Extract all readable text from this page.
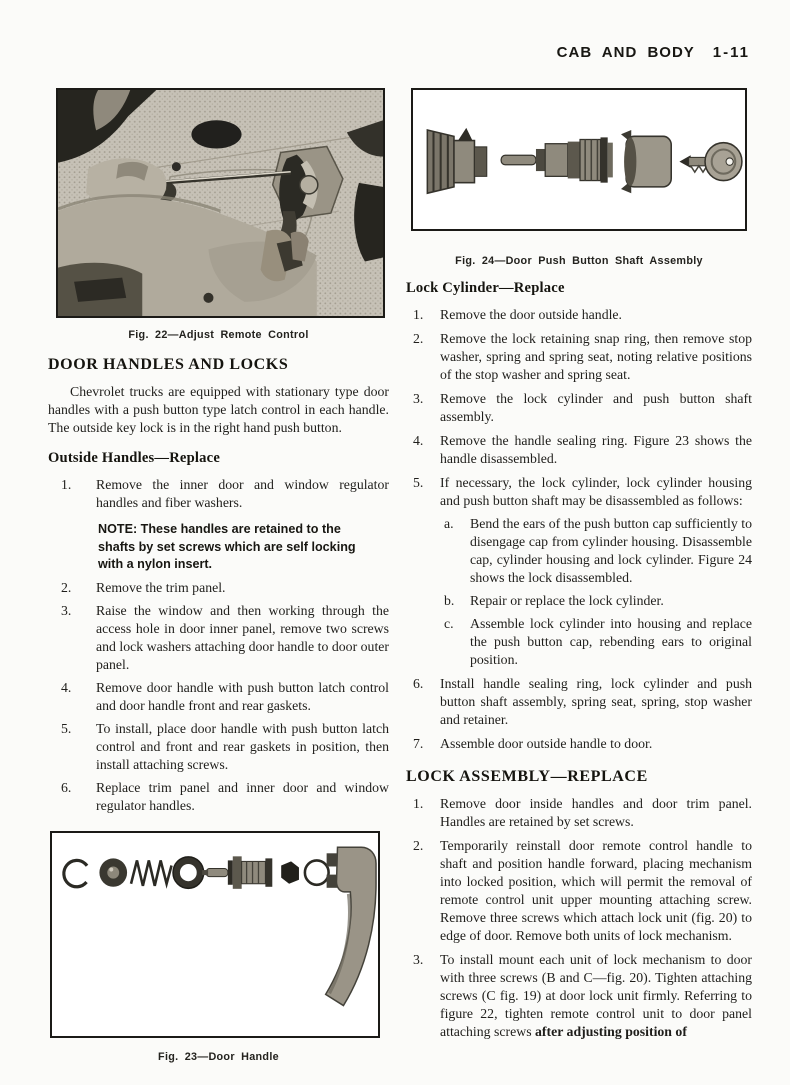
CAB AND BODY 1-11
Fig. 22—Adjust Remote Control
DOOR HANDLES AND LOCKS

Chevrolet trucks are equipped with stationary type door handles with a push button type latch control in each handle. The outside key lock is in the right hand push button.

Outside Handles—Replace
Remove the inner door and window regulator handles and fiber washers.
NOTE: These handles are retained to the shafts by set screws which are self locking with a nylon insert.
Remove the trim panel.
Raise the window and then working through the access hole in door inner panel, remove two screws and lock washers attaching door handle to door outer panel.
Remove door handle with push button latch control and door handle front and rear gaskets.
To install, place door handle with push button latch control and front and rear gaskets in position, then install attaching screws.
Replace trim panel and inner door and window regulator handles.
Fig. 23—Door Handle
Fig. 24—Door Push Button Shaft Assembly
Lock Cylinder—Replace
Remove the door outside handle.
Remove the lock retaining snap ring, then remove stop washer, spring and spring seat, noting relative positions of the stop washer and spring seat.
Remove the lock cylinder and push button shaft assembly.
Remove the handle sealing ring. Figure 23 shows the handle disassembled.
If necessary, the lock cylinder, lock cylinder housing and push button shaft may be disassembled as follows:
Bend the ears of the push button cap sufficiently to disengage cap from cylinder housing. Disassemble cap, cylinder housing and lock cylinder. Figure 24 shows the lock disassembled.
Repair or replace the lock cylinder.
Assemble lock cylinder into housing and replace the push button cap, rebending ears to original position.
Install handle sealing ring, lock cylinder and push button shaft assembly, spring seat, spring, stop washer and retainer.
Assemble door outside handle to door.
LOCK ASSEMBLY—REPLACE
Remove door inside handles and door trim panel. Handles are retained by set screws.
Temporarily reinstall door remote control handle to shaft and position handle forward, placing mechanism into locked position, which will permit the removal of remote control unit upper mounting attaching screw. Remove three screws which attach lock unit (fig. 20) to edge of door. Remove both units of lock mechanism.
To install mount each unit of lock mechanism to door with three screws (B and C—fig. 20). Tighten attaching screws (C fig. 19) at door lock unit firmly. Referring to figure 22, tighten remote control unit to door panel attaching screws after adjusting position of
